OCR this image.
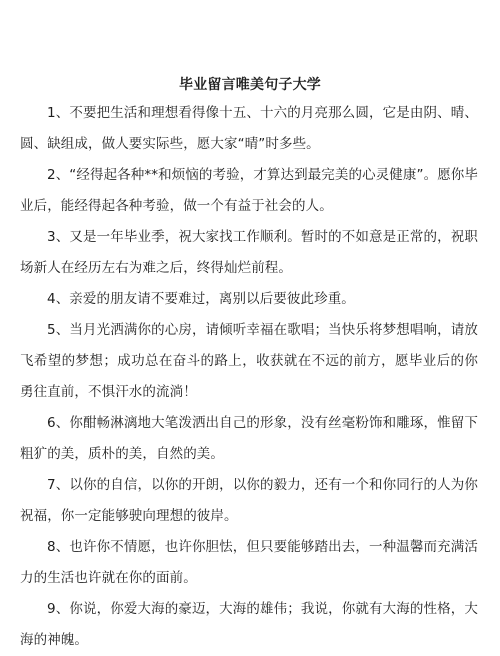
毕业留言唯美句子大学

1、不要把生活和理想看得像十五、十六的月亮那么圆，它是由阴、晴、圆、缺组成，做人要实际些，愿大家“晴”时多些。

2、“经得起各种**和烦恼的考验，才算达到最完美的心灵健康”。愿你毕业后，能经得起各种考验，做一个有益于社会的人。

3、又是一年毕业季，祝大家找工作顺利。暂时的不如意是正常的，祝职场新人在经历左右为难之后，终得灿烂前程。

4、亲爱的朋友请不要难过，离别以后要彼此珍重。

5、当月光洒满你的心房，请倾听幸福在歌唱；当快乐将梦想唱响，请放飞希望的梦想；成功总在奋斗的路上，收获就在不远的前方，愿毕业后的你勇往直前，不惧汗水的流淌！

6、你酣畅淋漓地大笔泼洒出自己的形象，没有丝毫粉饰和雕琢，惟留下粗犷的美，质朴的美，自然的美。

7、以你的自信，以你的开朗，以你的毅力，还有一个和你同行的人为你祝福，你一定能够驶向理想的彼岸。

8、也许你不情愿，也许你胆怯，但只要能够踏出去，一种温馨而充满活力的生活也许就在你的面前。

9、你说，你爱大海的豪迈，大海的雄伟；我说，你就有大海的性格，大海的神魄。
